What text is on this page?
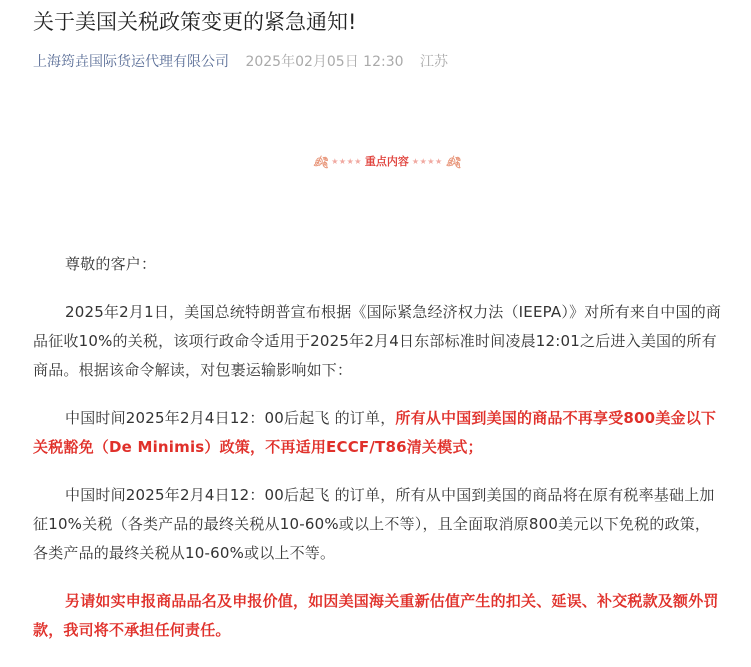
关于美国关税政策变更的紧急通知!
上海筠垚国际货运代理有限公司 2025年02月05日 12:30 江苏
🍂︎ ★★★★ 重点内容 ★★★★ 🍂︎

尊敬的客户：

2025年2月1日，美国总统特朗普宣布根据《国际紧急经济权力法（IEEPA）》对所有来自中国的商品征收10%的关税，该项行政命令适用于2025年2月4日东部标准时间凌晨12:01之后进入美国的所有商品。根据该命令解读，对包裹运输影响如下：

中国时间2025年2月4日12：00后起飞 的订单，所有从中国到美国的商品不再享受800美金以下关税豁免（De Minimis）政策，不再适用ECCF/T86清关模式；

中国时间2025年2月4日12：00后起飞 的订单，所有从中国到美国的商品将在原有税率基础上加征10%关税（各类产品的最终关税从10-60%或以上不等），且全面取消原800美元以下免税的政策，各类产品的最终关税从10-60%或以上不等。

另请如实申报商品品名及申报价值，如因美国海关重新估值产生的扣关、延误、补交税款及额外罚款，我司将不承担任何责任。
